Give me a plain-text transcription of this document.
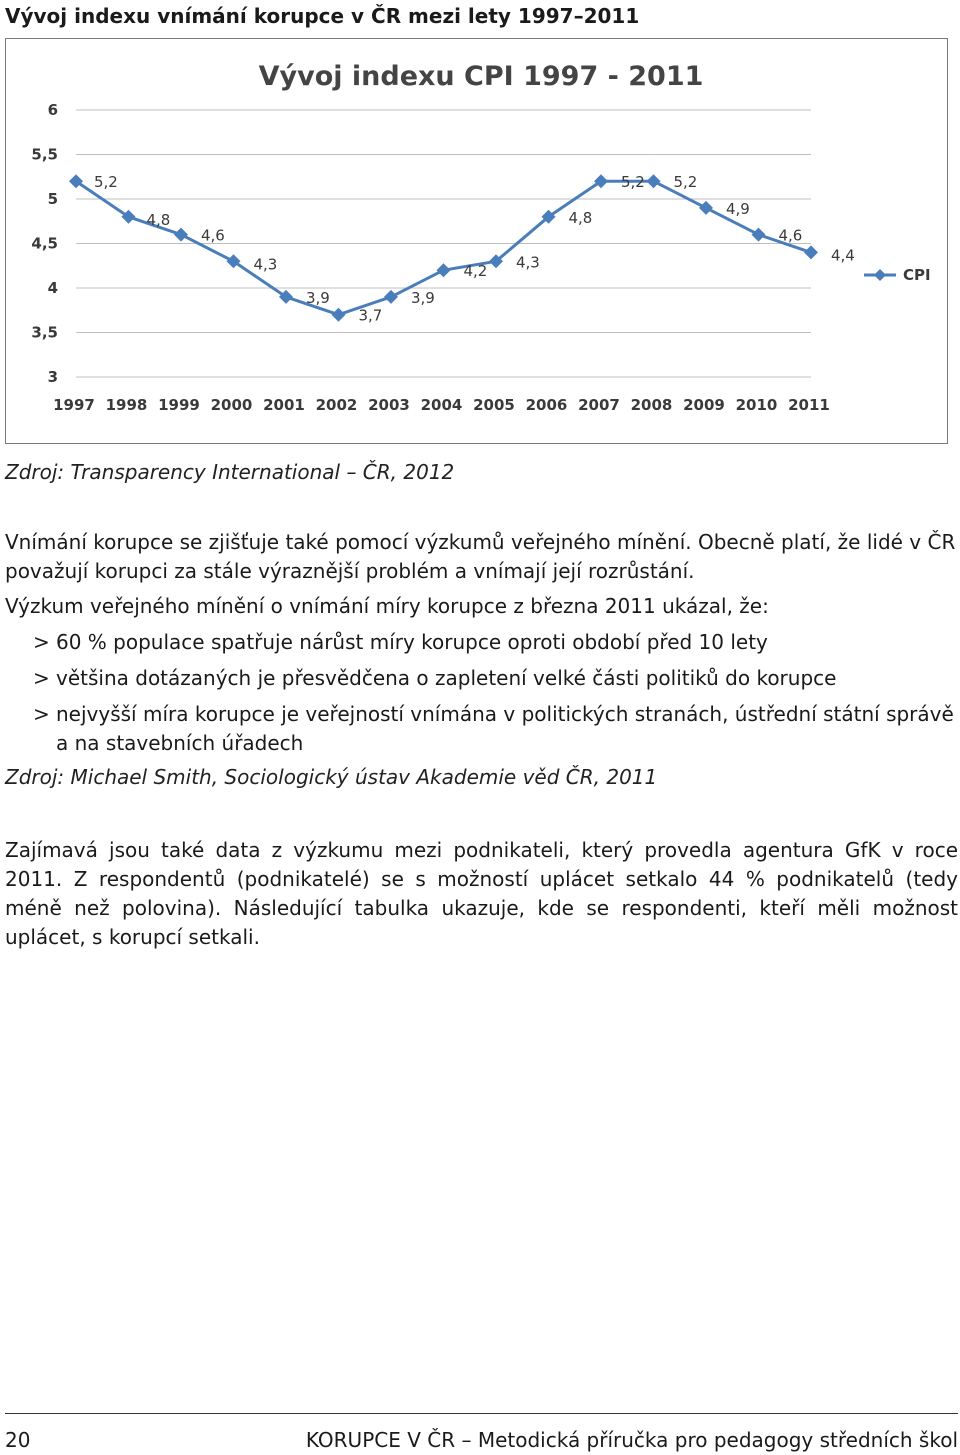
Vývoj indexu vnímání korupce v ČR mezi lety 1997–2011
Vývoj indexu CPI 1997 - 2011
3
3,5
4
4,5
5
5,5
6
1997 1998 1999 2000 2001 2002 2003 2004 2005 2006 2007 2008 2009 2010 2011
5,2
4,8
4,6
4,3
3,9
3,7
3,9
4,2 4,3
4,8
5,2 5,2
4,9
4,6
4,4
CPI
Zdroj: Transparency International – ČR, 2012
Vnímání korupce se zjišťuje také pomocí výzkumů veřejného mínění. Obecně platí, že lidé v ČR považují korupci za stále výraznější problém a vnímají její rozrůstání.
Výzkum veřejného mínění o vnímání míry korupce z března 2011 ukázal, že:
> 60 % populace spatřuje nárůst míry korupce oproti období před 10 lety
> většina dotázaných je přesvědčena o zapletení velké části politiků do korupce
> nejvyšší míra korupce je veřejností vnímána v politických stranách, ústřední státní správě a na stavebních úřadech
Zdroj: Michael Smith, Sociologický ústav Akademie věd ČR, 2011
Zajímavá jsou také data z výzkumu mezi podnikateli, který provedla agentura GfK v roce 2011. Z respondentů (podnikatelé) se s možností uplácet setkalo 44 % podnikatelů (tedy méně než polovina). Následující tabulka ukazuje, kde se respondenti, kteří měli možnost uplácet, s korupcí setkali.
20	KORUPCE V ČR – Metodická příručka pro pedagogy středních škol
